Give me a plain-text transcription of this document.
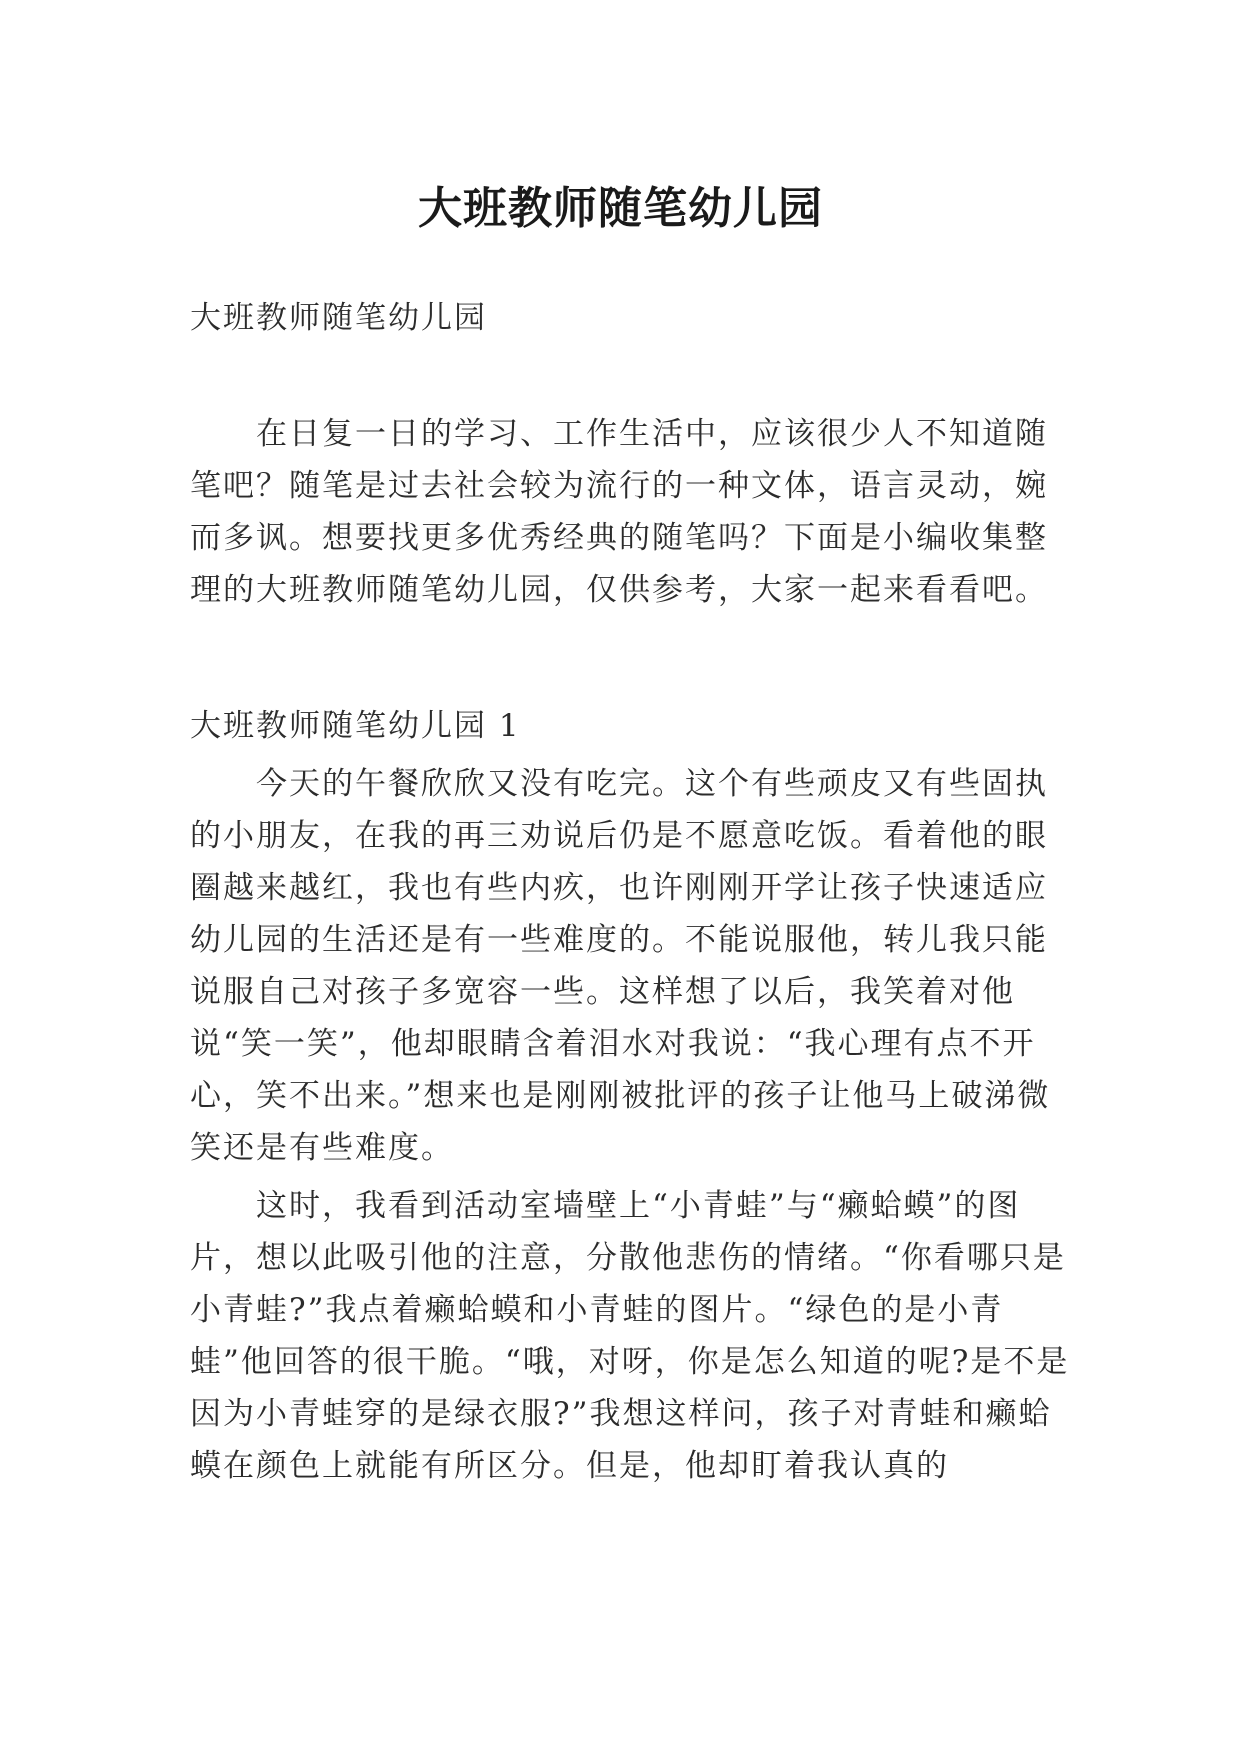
大班教师随笔幼儿园
大班教师随笔幼儿园

在日复一日的学习、工作生活中，应该很少人不知道随笔吧？随笔是过去社会较为流行的一种文体，语言灵动，婉而多讽。想要找更多优秀经典的随笔吗？下面是小编收集整理的大班教师随笔幼儿园，仅供参考，大家一起来看看吧。

大班教师随笔幼儿园 1

今天的午餐欣欣又没有吃完。这个有些顽皮又有些固执的小朋友，在我的再三劝说后仍是不愿意吃饭。看着他的眼圈越来越红，我也有些内疚，也许刚刚开学让孩子快速适应幼儿园的生活还是有一些难度的。不能说服他，转儿我只能说服自己对孩子多宽容一些。这样想了以后，我笑着对他说“笑一笑”，他却眼睛含着泪水对我说：“我心理有点不开心，笑不出来。”想来也是刚刚被批评的孩子让他马上破涕微笑还是有些难度。

这时，我看到活动室墙壁上“小青蛙”与“癞蛤蟆”的图片，想以此吸引他的注意，分散他悲伤的情绪。“你看哪只是小青蛙?”我点着癞蛤蟆和小青蛙的图片。“绿色的是小青蛙”他回答的很干脆。“哦，对呀，你是怎么知道的呢?是不是因为小青蛙穿的是绿衣服?”我想这样问，孩子对青蛙和癞蛤蟆在颜色上就能有所区分。但是，他却盯着我认真的
